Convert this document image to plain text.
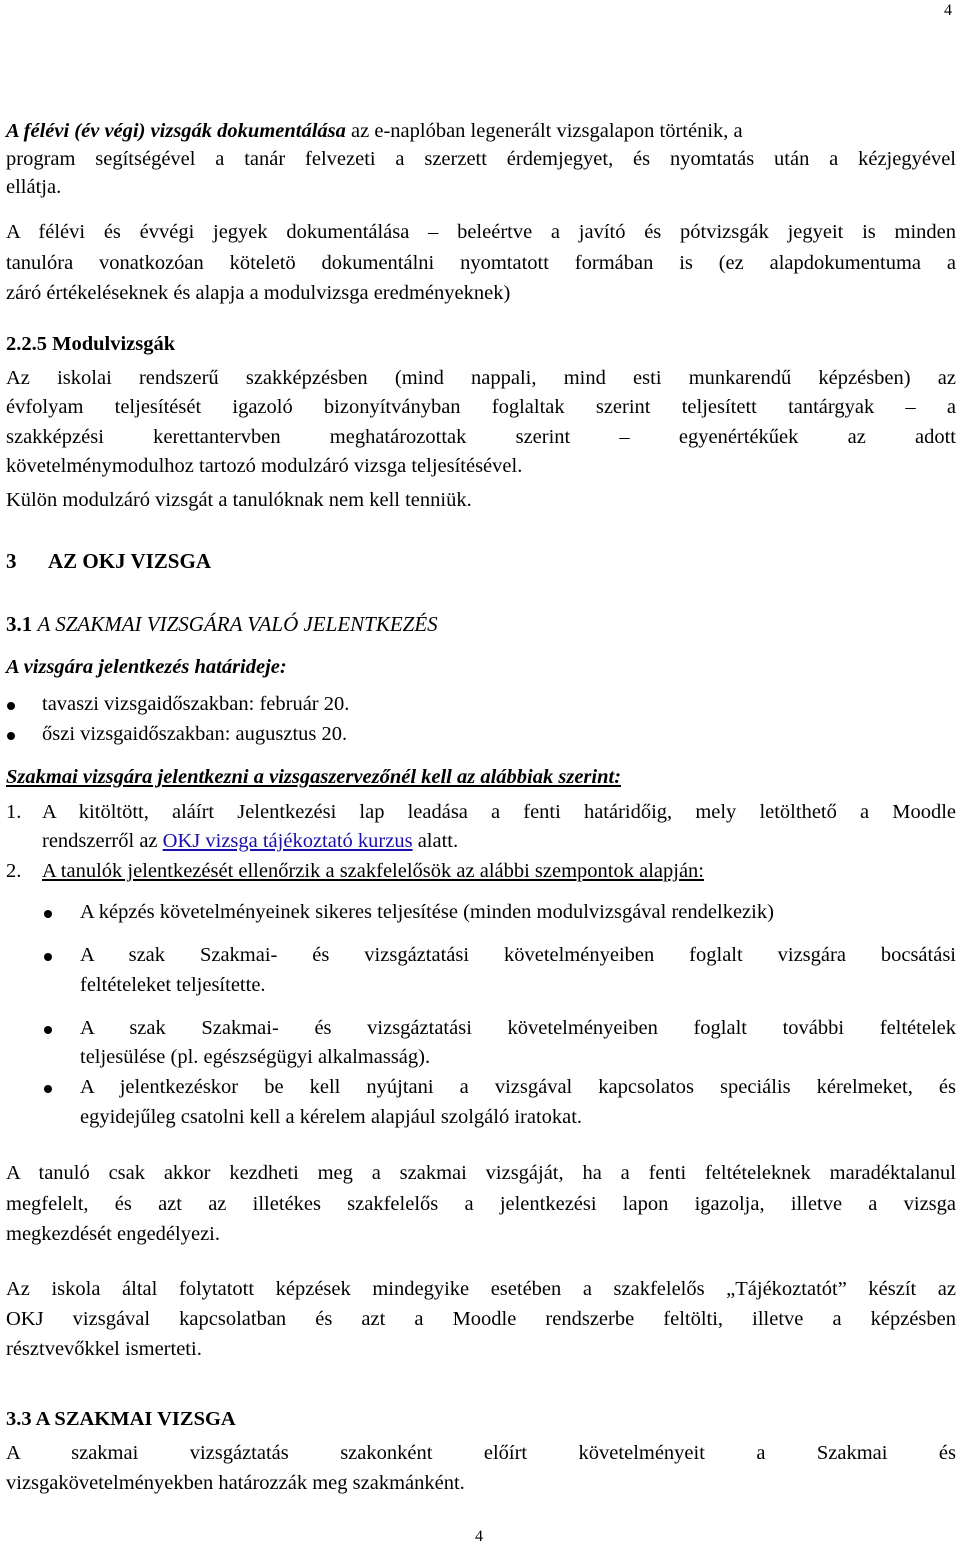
4
A félévi (év végi) vizsgák dokumentálása az e-naplóban legenerált vizsgalapon történik, a
program segítségével a tanár felvezeti a szerzett érdemjegyet, és nyomtatás után a kézjegyével
ellátja.
A félévi és évvégi jegyek dokumentálása – beleértve a javító és pótvizsgák jegyeit is minden
tanulóra vonatkozóan köteletö dokumentálni nyomtatott formában is (ez alapdokumentuma a
záró értékeléseknek és alapja a modulvizsga eredményeknek)
2.2.5 Modulvizsgák
Az iskolai rendszerű szakképzésben (mind nappali, mind esti munkarendű képzésben) az
évfolyam teljesítését igazoló bizonyítványban foglaltak szerint teljesített tantárgyak – a
szakképzési kerettantervben meghatározottak szerint – egyenértékűek az adott
követelménymodulhoz tartozó modulzáró vizsga teljesítésével.
Külön modulzáró vizsgát a tanulóknak nem kell tenniük.
3 AZ OKJ VIZSGA
3.1 A SZAKMAI VIZSGÁRA VALÓ JELENTKEZÉS
A vizsgára jelentkezés határideje:
tavaszi vizsgaidőszakban: február 20.
őszi vizsgaidőszakban: augusztus 20.
Szakmai vizsgára jelentkezni a vizsgaszervezőnél kell az alábbiak szerint:
1. A kitöltött, aláírt Jelentkezési lap leadása a fenti határidőig, mely letölthető a Moodle
rendszerről az OKJ vizsga tájékoztató kurzus alatt.
2. A tanulók jelentkezését ellenőrzik a szakfelelősök az alábbi szempontok alapján:
A képzés követelményeinek sikeres teljesítése (minden modulvizsgával rendelkezik)
A szak Szakmai- és vizsgáztatási követelményeiben foglalt vizsgára bocsátási
feltételeket teljesítette.
A szak Szakmai- és vizsgáztatási követelményeiben foglalt további feltételek
teljesülése (pl. egészségügyi alkalmasság).
A jelentkezéskor be kell nyújtani a vizsgával kapcsolatos speciális kérelmeket, és
egyidejűleg csatolni kell a kérelem alapjául szolgáló iratokat.
A tanuló csak akkor kezdheti meg a szakmai vizsgáját, ha a fenti feltételeknek maradéktalanul
megfelelt, és azt az illetékes szakfelelős a jelentkezési lapon igazolja, illetve a vizsga
megkezdését engedélyezi.
Az iskola által folytatott képzések mindegyike esetében a szakfelelős „Tájékoztatót” készít az
OKJ vizsgával kapcsolatban és azt a Moodle rendszerbe feltölti, illetve a képzésben
résztvevőkkel ismerteti.
3.3 A SZAKMAI VIZSGA
A szakmai vizsgáztatás szakonként előírt követelményeit a Szakmai és
vizsgakövetelményekben határozzák meg szakmánként.
4
